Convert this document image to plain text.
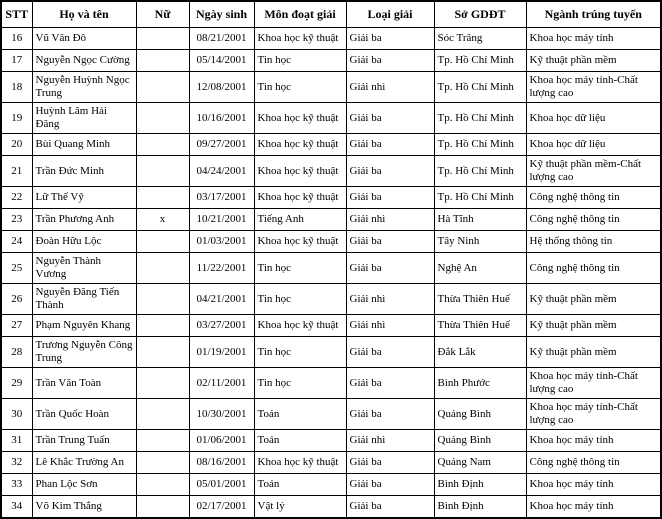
STT	Họ và tên	Nữ	Ngày sinh	Môn đoạt giải	Loại giải	Sở GDĐT	Ngành trúng tuyển
16	Vũ Văn Đô		08/21/2001	Khoa học kỹ thuật	Giải ba	Sóc Trăng	Khoa học máy tính
17	Nguyễn Ngọc Cường		05/14/2001	Tin học	Giải ba	Tp. Hồ Chí Minh	Kỹ thuật phần mềm
18	Nguyễn Huỳnh Ngọc Trung		12/08/2001	Tin học	Giải nhì	Tp. Hồ Chí Minh	Khoa học máy tính-Chất lượng cao
19	Huỳnh Lâm Hải Đăng		10/16/2001	Khoa học kỹ thuật	Giải ba	Tp. Hồ Chí Minh	Khoa học dữ liệu
20	Bùi Quang Minh		09/27/2001	Khoa học kỹ thuật	Giải ba	Tp. Hồ Chí Minh	Khoa học dữ liệu
21	Trần Đức Minh		04/24/2001	Khoa học kỹ thuật	Giải ba	Tp. Hồ Chí Minh	Kỹ thuật phần mềm-Chất lượng cao
22	Lữ Thế Vỹ		03/17/2001	Khoa học kỹ thuật	Giải ba	Tp. Hồ Chí Minh	Công nghệ thông tin
23	Trần Phương Anh	x	10/21/2001	Tiếng Anh	Giải nhì	Hà Tĩnh	Công nghệ thông tin
24	Đoàn Hữu Lộc		01/03/2001	Khoa học kỹ thuật	Giải ba	Tây Ninh	Hệ thống thông tin
25	Nguyễn Thành Vương		11/22/2001	Tin học	Giải ba	Nghệ An	Công nghệ thông tin
26	Nguyễn Đăng Tiến Thành		04/21/2001	Tin học	Giải nhì	Thừa Thiên Huế	Kỹ thuật phần mềm
27	Phạm Nguyên Khang		03/27/2001	Khoa học kỹ thuật	Giải nhì	Thừa Thiên Huế	Kỹ thuật phần mềm
28	Trương Nguyễn Công Trung		01/19/2001	Tin học	Giải ba	Đắk Lắk	Kỹ thuật phần mềm
29	Trần Văn Toàn		02/11/2001	Tin học	Giải ba	Bình Phước	Khoa học máy tính-Chất lượng cao
30	Trần Quốc Hoàn		10/30/2001	Toán	Giải ba	Quảng Bình	Khoa học máy tính-Chất lượng cao
31	Trần Trung Tuấn		01/06/2001	Toán	Giải nhì	Quảng Bình	Khoa học máy tính
32	Lê Khắc Trường An		08/16/2001	Khoa học kỹ thuật	Giải ba	Quảng Nam	Công nghệ thông tin
33	Phan Lộc Sơn		05/01/2001	Toán	Giải ba	Bình Định	Khoa học máy tính
34	Võ Kim Thắng		02/17/2001	Vật lý	Giải ba	Bình Định	Khoa học máy tính
